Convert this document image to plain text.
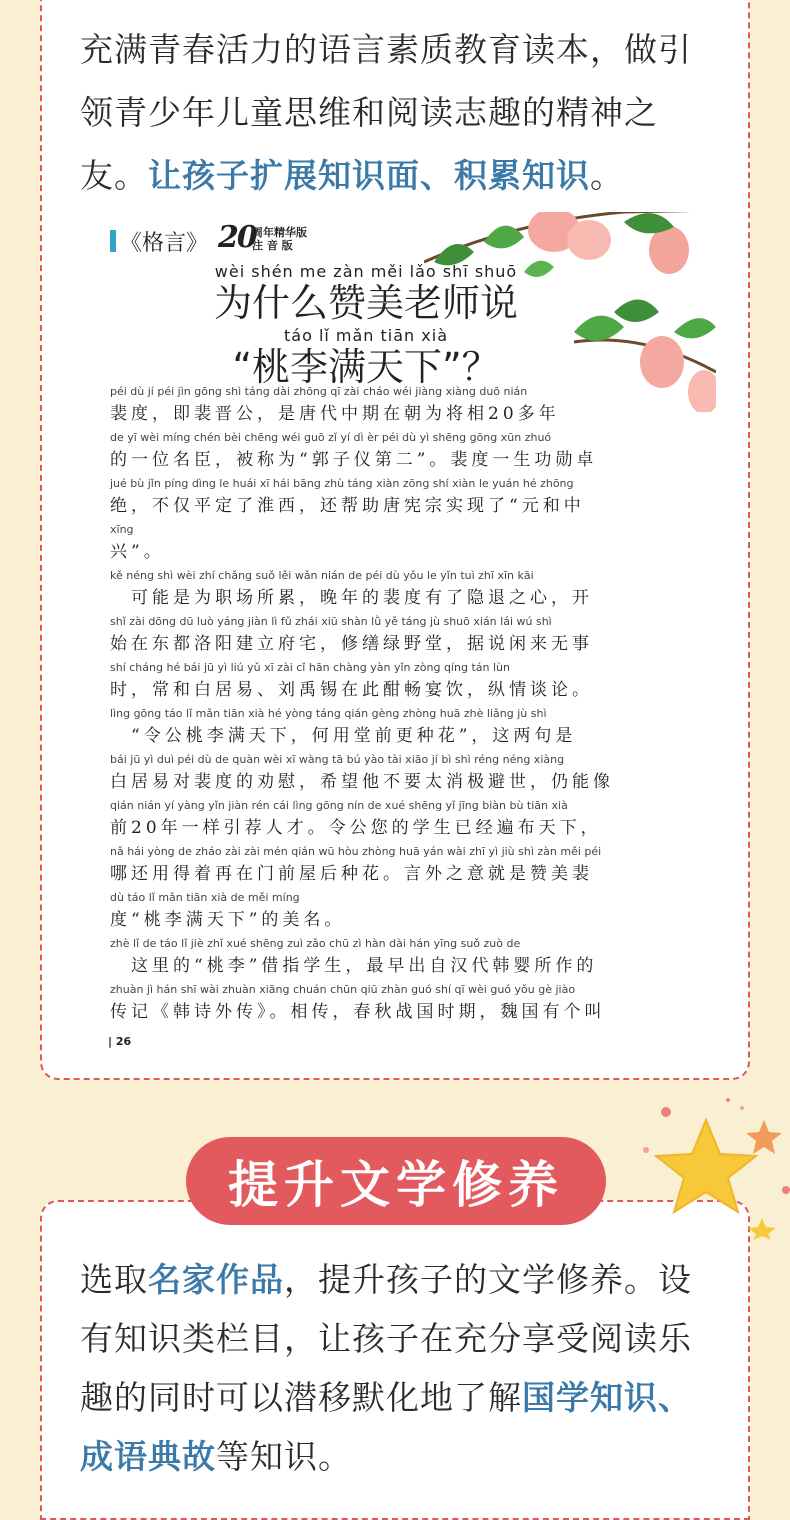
充满青春活力的语言素质教育读本，做引领青少年儿童思维和阅读志趣的精神之友。让孩子扩展知识面、积累知识。

《格言》 20
周年精华版
注 音 版
wèi shén me zàn měi lǎo shī shuō
为什么赞美老师说
táo lǐ mǎn tiān xià
“桃李满天下”？
péi dù jí péi jìn gōng shì táng dài zhōng qī zài cháo wéi jiàng xiàng duō nián
裴度，即裴晋公，是唐代中期在朝为将相20多年
de yī wèi míng chén bèi chēng wéi guō zǐ yí dì èr péi dù yì shēng gōng xūn zhuó
的一位名臣，被称为“郭子仪第二”。裴度一生功勋卓
jué bù jǐn píng dìng le huái xī hái bāng zhù táng xiàn zōng shí xiàn le yuán hé zhōng
绝，不仅平定了淮西，还帮助唐宪宗实现了“元和中
xīng
兴”。
kě néng shì wèi zhí chǎng suǒ lěi wǎn nián de péi dù yǒu le yǐn tuì zhī xīn kāi
　可能是为职场所累，晚年的裴度有了隐退之心，开
shǐ zài dōng dū luò yáng jiàn lì fǔ zhái xiū shàn lǜ yě táng jù shuō xián lái wú shì
始在东都洛阳建立府宅，修缮绿野堂，据说闲来无事
shí cháng hé bái jū yì liú yǔ xī zài cǐ hān chàng yàn yǐn zòng qíng tán lùn
时，常和白居易、刘禹锡在此酣畅宴饮，纵情谈论。
lìng gōng táo lǐ mǎn tiān xià hé yòng táng qián gèng zhòng huā zhè liǎng jù shì
　“令公桃李满天下，何用堂前更种花”，这两句是
bái jū yì duì péi dù de quàn wèi xī wàng tā bú yào tài xiāo jí bì shì réng néng xiàng
白居易对裴度的劝慰，希望他不要太消极避世，仍能像
qián nián yí yàng yǐn jiàn rén cái lìng gōng nín de xué shēng yǐ jīng biàn bù tiān xià
前20年一样引荐人才。令公您的学生已经遍布天下，
nǎ hái yòng de zháo zài zài mén qián wū hòu zhòng huā yán wài zhī yì jiù shì zàn měi péi
哪还用得着再在门前屋后种花。言外之意就是赞美裴
dù táo lǐ mǎn tiān xià de měi míng
度“桃李满天下”的美名。
zhè lǐ de táo lǐ jiè zhǐ xué shēng zuì zǎo chū zì hàn dài hán yīng suǒ zuò de
　这里的“桃李”借指学生，最早出自汉代韩婴所作的
zhuàn jì hán shī wài zhuàn xiāng chuán chūn qiū zhàn guó shí qī wèi guó yǒu gè jiào
传记《韩诗外传》。相传，春秋战国时期，魏国有个叫
| 26
提升文学修养

选取名家作品，提升孩子的文学修养。设有知识类栏目，让孩子在充分享受阅读乐趣的同时可以潜移默化地了解国学知识、成语典故等知识。
